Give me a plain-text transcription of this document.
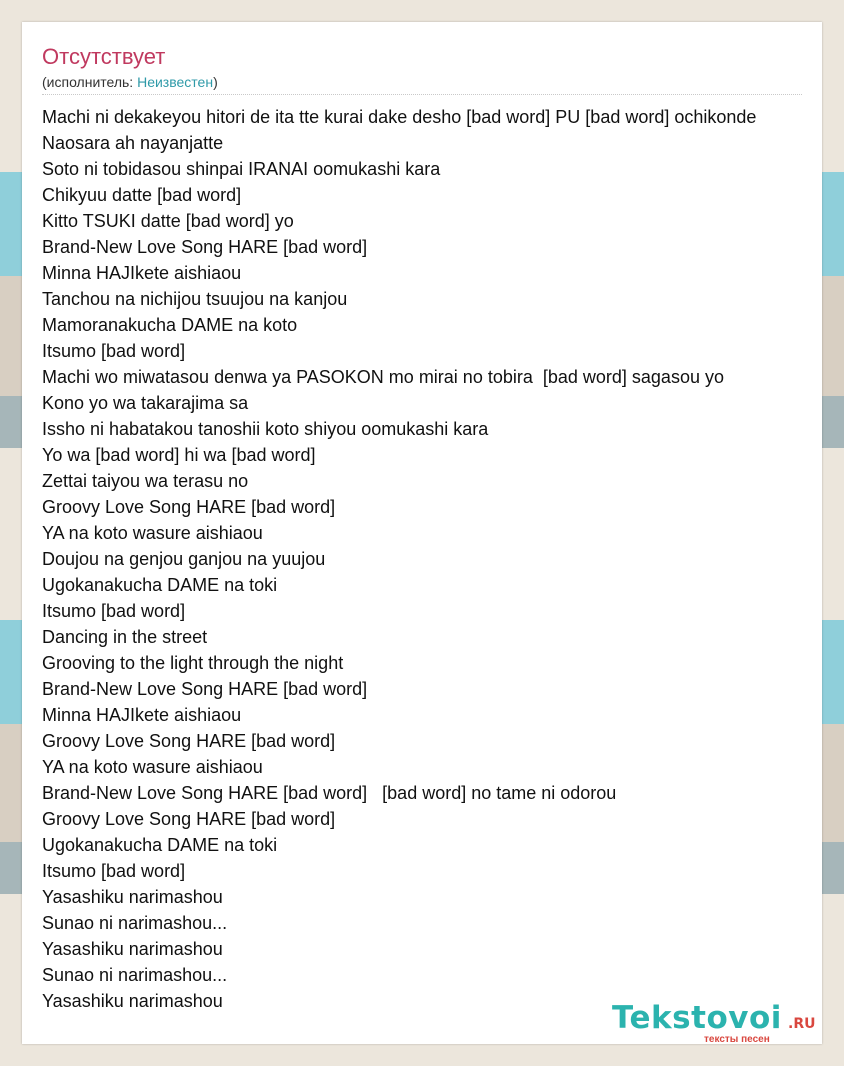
Отсутствует
(исполнитель: Неизвестен)
Machi ni dekakeyou hitori de ita tte kurai dake desho [bad word] PU [bad word] ochikonde
Naosara ah nayanjatte
Soto ni tobidasou shinpai IRANAI oomukashi kara
Chikyuu datte [bad word]
Kitto TSUKI datte [bad word] yo
Brand-New Love Song HARE [bad word]
Minna HAJIkete aishiaou
Tanchou na nichijou tsuujou na kanjou
Mamoranakucha DAME na koto
Itsumo [bad word]
Machi wo miwatasou denwa ya PASOKON mo mirai no tobira  [bad word] sagasou yo
Kono yo wa takarajima sa
Issho ni habatakou tanoshii koto shiyou oomukashi kara
Yo wa [bad word] hi wa [bad word]
Zettai taiyou wa terasu no
Groovy Love Song HARE [bad word]
YA na koto wasure aishiaou
Doujou na genjou ganjou na yuujou
Ugokanakucha DAME na toki
Itsumo [bad word]
Dancing in the street
Grooving to the light through the night
Brand-New Love Song HARE [bad word]
Minna HAJIkete aishiaou
Groovy Love Song HARE [bad word]
YA na koto wasure aishiaou
Brand-New Love Song HARE [bad word]   [bad word] no tame ni odorou
Groovy Love Song HARE [bad word]
Ugokanakucha DAME na toki
Itsumo [bad word]
Yasashiku narimashou
Sunao ni narimashou...
Yasashiku narimashou
Sunao ni narimashou...
Yasashiku narimashou	Tekstovoi .RU
тексты песен
